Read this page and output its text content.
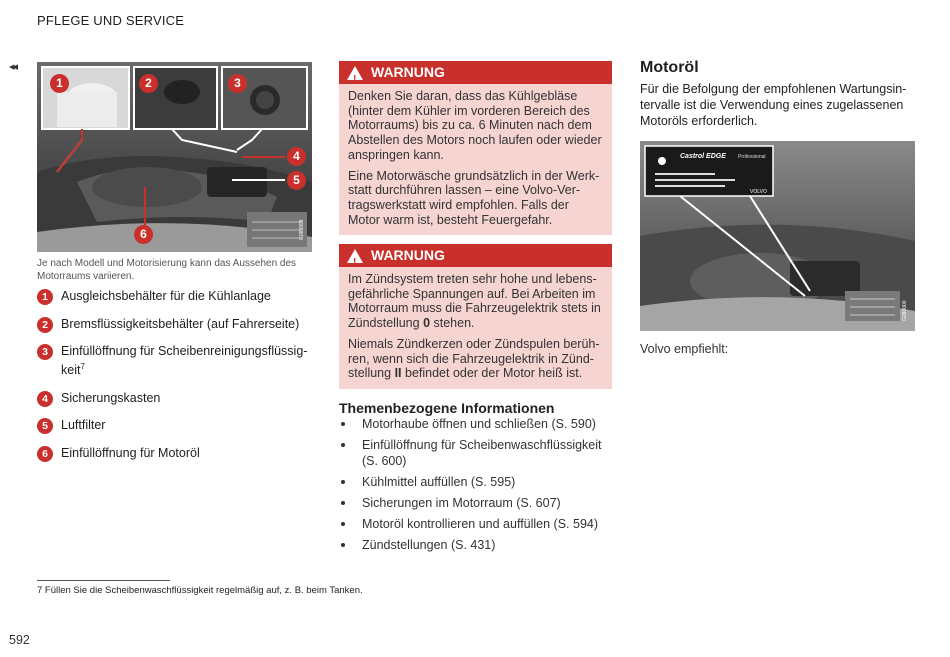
PFLEGE UND SERVICE
◂◂
G089999
1	2	3
4
5
6
Je nach Modell und Motorisierung kann das Aussehen des Motorraums variieren.
1	Ausgleichsbehälter für die Kühlanlage
2	Bremsflüssigkeitsbehälter (auf Fahrerseite)
3	Einfüllöffnung für Scheibenreinigungsflüssig-keit$^7$
4	Sicherungskasten
5	Luftfilter
6	Einfüllöffnung für Motoröl
! WARNUNG

Denken Sie daran, dass das Kühlgebläse (hinter dem Kühler im vorderen Bereich des Motorraums) bis zu ca. 6 Minuten nach dem Abstellen des Motors noch laufen oder wieder anspringen kann.

Eine Motorwäsche grundsätzlich in der Werk-statt durchführen lassen – eine Volvo-Ver-tragswerkstatt wird empfohlen. Falls der Motor warm ist, besteht Feuergefahr.

! WARNUNG

Im Zündsystem treten sehr hohe und lebens-gefährliche Spannungen auf. Bei Arbeiten im Motorraum muss die Fahrzeugelektrik stets in Zündstellung 0 stehen.

Niemals Zündkerzen oder Zündspulen berüh-ren, wenn sich die Fahrzeugelektrik in Zünd-stellung II befindet oder der Motor heiß ist.

Themenbezogene Informationen
Motorhaube öffnen und schließen (S. 590)
Einfüllöffnung für Scheibenwaschflüssigkeit (S. 600)
Kühlmittel auffüllen (S. 595)
Sicherungen im Motorraum (S. 607)
Motoröl kontrollieren und auffüllen (S. 594)
Zündstellungen (S. 431)
Motoröl
Für die Befolgung der empfohlenen Wartungsin-tervalle ist die Verwendung eines zugelassenen Motoröls erforderlich.
G080000
Castrol EDGE Professional
VOLVO
Volvo empfiehlt:
7 Füllen Sie die Scheibenwaschflüssigkeit regelmäßig auf, z. B. beim Tanken.
592
